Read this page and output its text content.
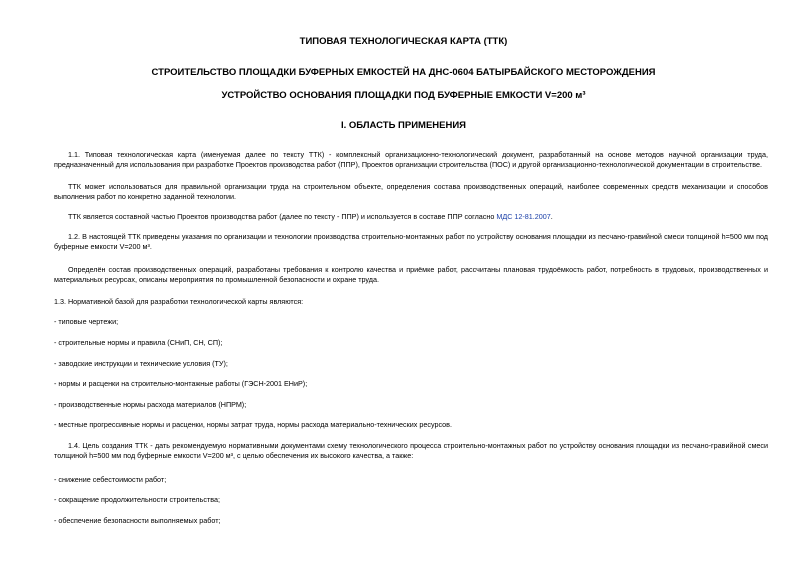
ТИПОВАЯ ТЕХНОЛОГИЧЕСКАЯ КАРТА (ТТК)
СТРОИТЕЛЬСТВО ПЛОЩАДКИ БУФЕРНЫХ ЕМКОСТЕЙ НА ДНС-0604 БАТЫРБАЙСКОГО МЕСТОРОЖДЕНИЯ
УСТРОЙСТВО ОСНОВАНИЯ ПЛОЩАДКИ ПОД БУФЕРНЫЕ ЕМКОСТИ V=200 м³
I. ОБЛАСТЬ ПРИМЕНЕНИЯ
1.1. Типовая технологическая карта (именуемая далее по тексту ТТК) - комплексный организационно-технологический документ, разработанный на основе методов научной организации труда, предназначенный для использования при разработке Проектов производства работ (ППР), Проектов организации строительства (ПОС) и другой организационно-технологической документации в строительстве.
ТТК может использоваться для правильной организации труда на строительном объекте, определения состава производственных операций, наиболее современных средств механизации и способов выполнения работ по конкретно заданной технологии.
ТТК является составной частью Проектов производства работ (далее по тексту - ППР) и используется в составе ППР согласно МДС 12-81.2007.
1.2. В настоящей ТТК приведены указания по организации и технологии производства строительно-монтажных работ по устройству основания площадки из песчано-гравийной смеси толщиной h=500 мм под буферные емкости V=200 м³.
Определён состав производственных операций, разработаны требования к контролю качества и приёмке работ, рассчитаны плановая трудоёмкость работ, потребность в трудовых, производственных и материальных ресурсах, описаны мероприятия по промышленной безопасности и охране труда.
1.3. Нормативной базой для разработки технологической карты являются:
- типовые чертежи;
- строительные нормы и правила (СНиП, СН, СП);
- заводские инструкции и технические условия (ТУ);
- нормы и расценки на строительно-монтажные работы (ГЭСН-2001 ЕНиР);
- производственные нормы расхода материалов (НПРМ);
- местные прогрессивные нормы и расценки, нормы затрат труда, нормы расхода материально-технических ресурсов.
1.4. Цель создания ТТК - дать рекомендуемую нормативными документами схему технологического процесса строительно-монтажных работ по устройству основания площадки из песчано-гравийной смеси толщиной h=500 мм под буферные емкости V=200 м³, с целью обеспечения их высокого качества, а также:
- снижение себестоимости работ;
- сокращение продолжительности строительства;
- обеспечение безопасности выполняемых работ;
